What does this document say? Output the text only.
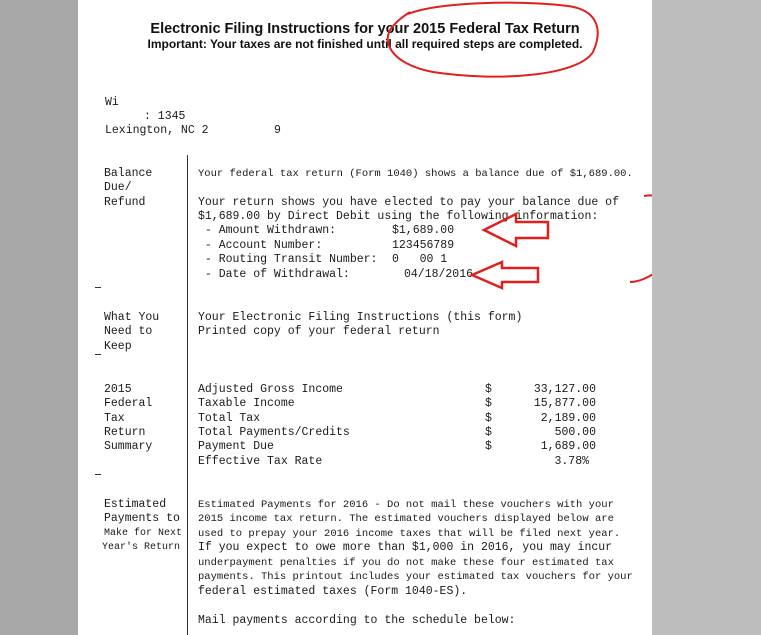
Electronic Filing Instructions for your 2015 Federal Tax Return
Important: Your taxes are not finished until all required steps are completed.
Wi
: 1345
Lexington, NC 2	9
Balance
Due/
Refund
Your federal tax return (Form 1040) shows a balance due of $1,689.00.
Your return shows you have elected to pay your balance due of
$1,689.00 by Direct Debit using the following information:
- Amount Withdrawn:	$1,689.00
- Account Number:	123456789
- Routing Transit Number: 0   00 1
- Date of Withdrawal:	04/18/2016
What You
Need to
Keep
Your Electronic Filing Instructions (this form)
Printed copy of your federal return
2015
Federal
Tax
Return
Summary
Adjusted Gross Income	$	33,127.00
Taxable Income	$	15,877.00
Total Tax	$	2,189.00
Total Payments/Credits	$	500.00
Payment Due	$	1,689.00
Effective Tax Rate	3.78%
Estimated
Payments to
Make for Next
Year's Return
Estimated Payments for 2016 - Do not mail these vouchers with your
2015 income tax return. The estimated vouchers displayed below are
used to prepay your 2016 income taxes that will be filed next year.
If you expect to owe more than $1,000 in 2016, you may incur
underpayment penalties if you do not make these four estimated tax
payments. This printout includes your estimated tax vouchers for your
federal estimated taxes (Form 1040-ES).
Mail payments according to the schedule below:
